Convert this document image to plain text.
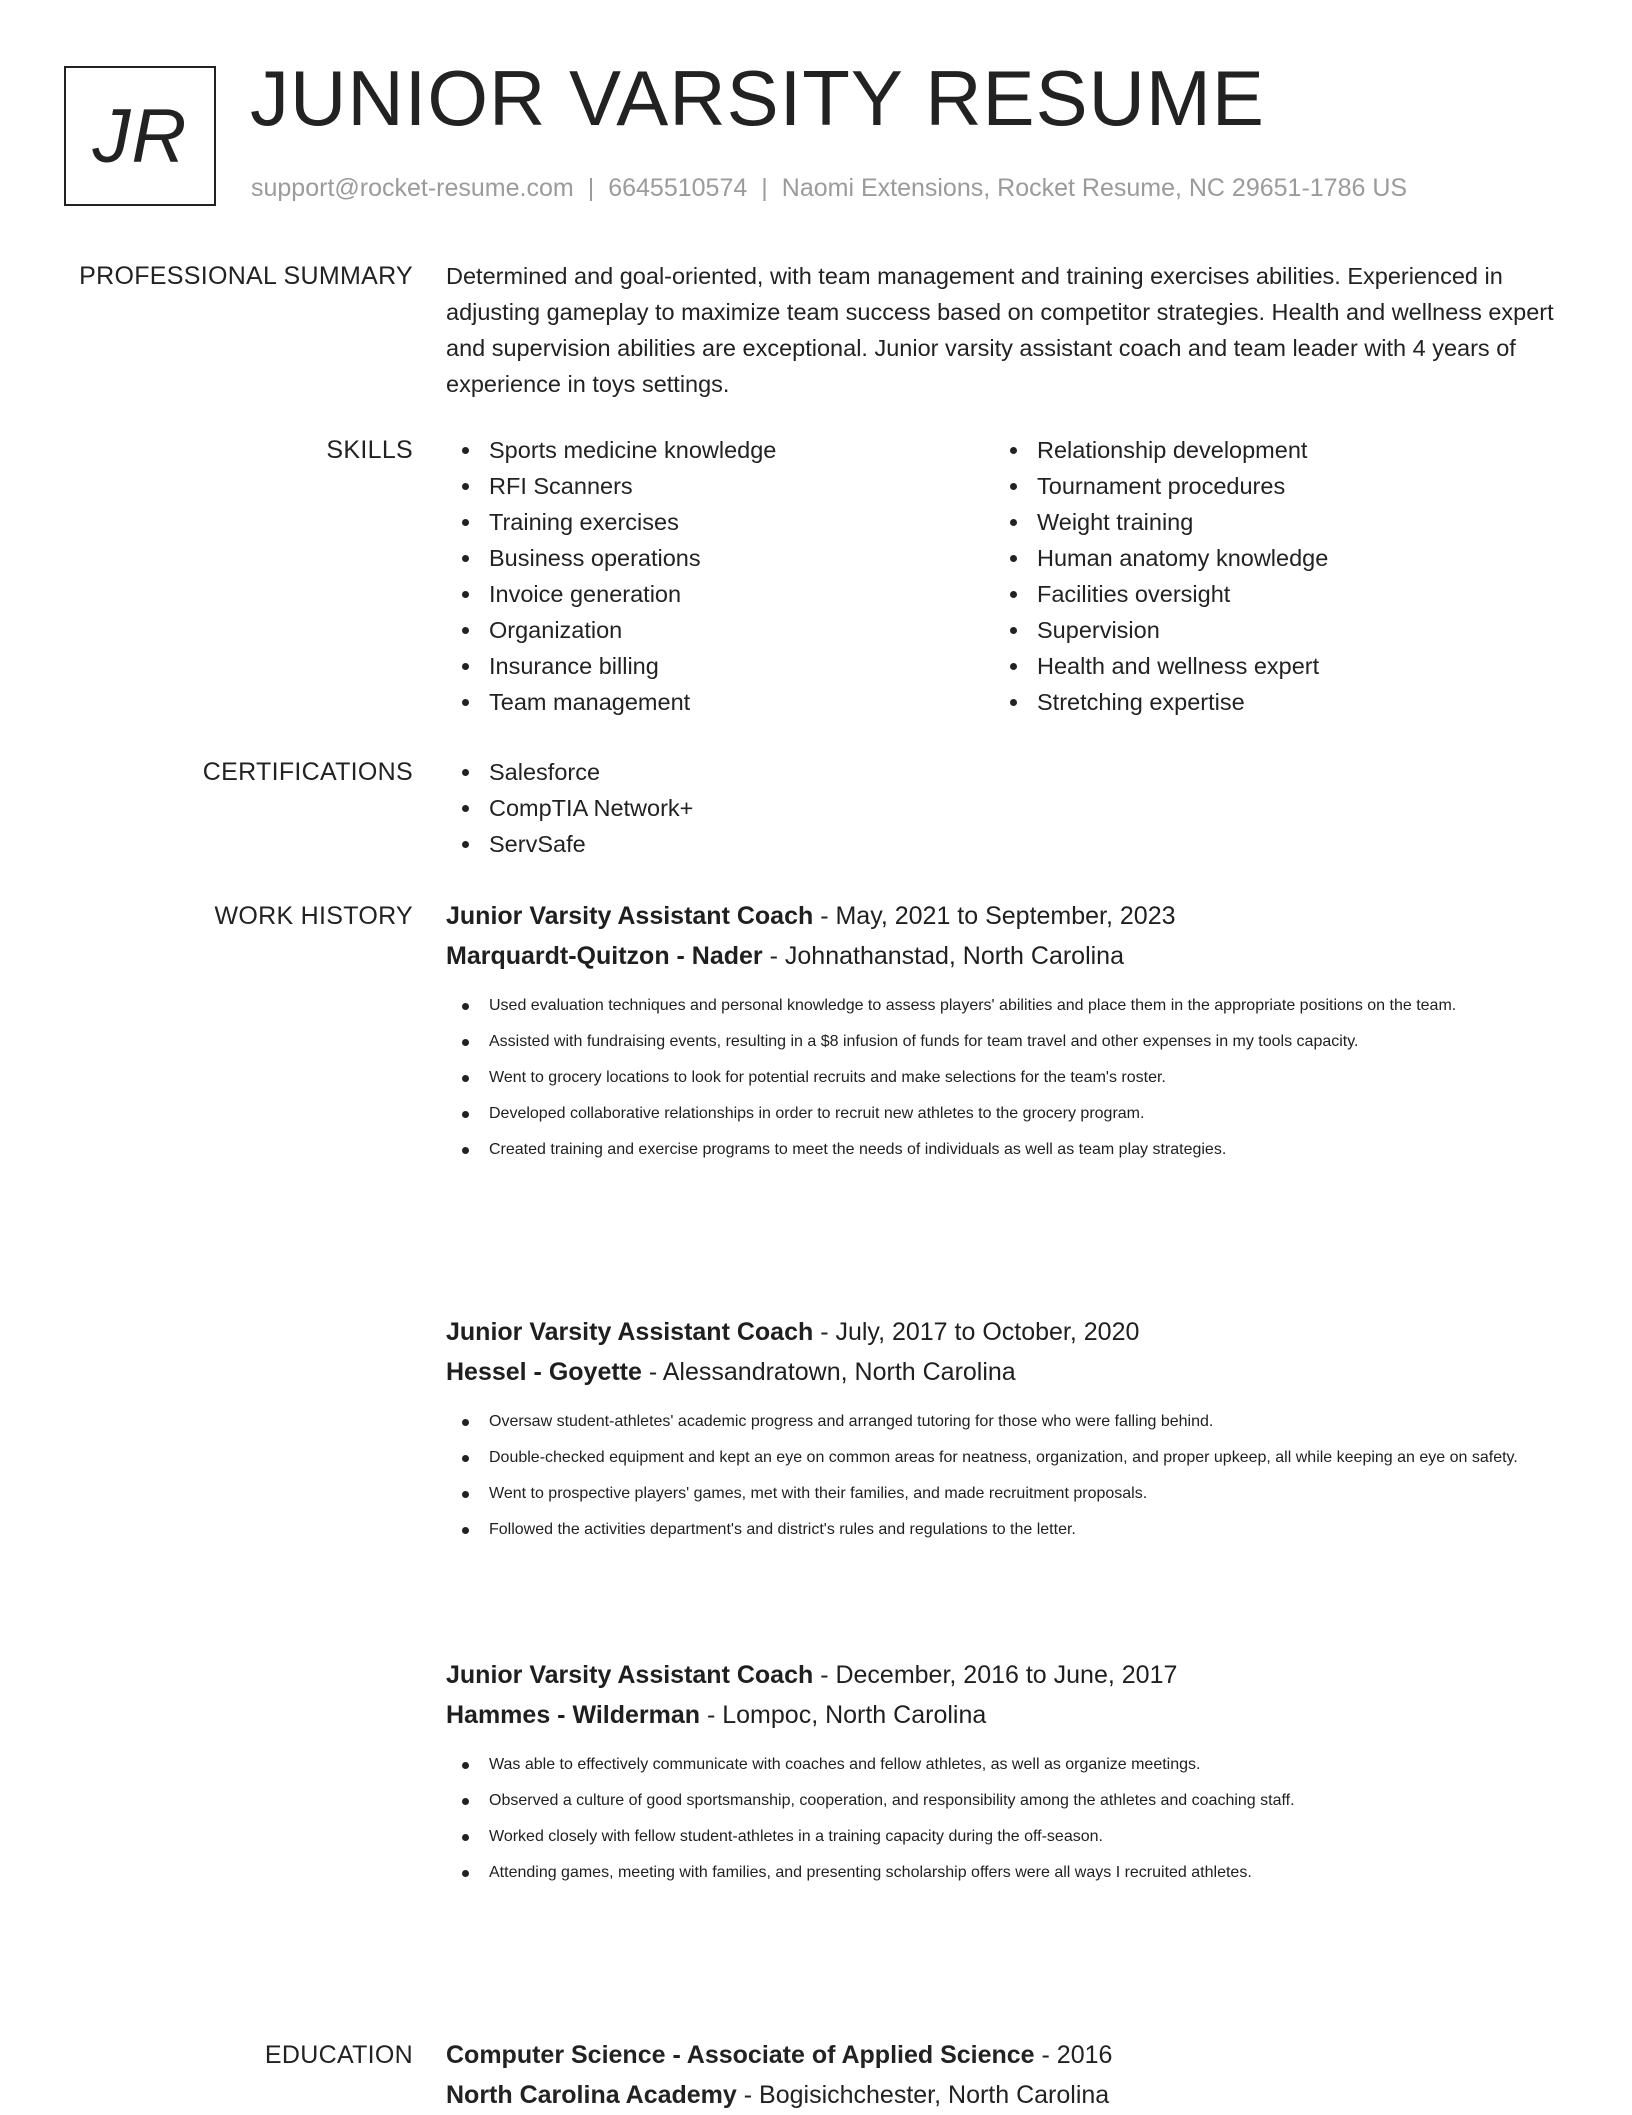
JR JUNIOR VARSITY RESUME
support@rocket-resume.com | 6645510574 | Naomi Extensions, Rocket Resume, NC 29651-1786 US
PROFESSIONAL SUMMARY Determined and goal-oriented, with team management and training exercises abilities. Experienced in adjusting gameplay to maximize team success based on competitor strategies. Health and wellness expert and supervision abilities are exceptional. Junior varsity assistant coach and team leader with 4 years of experience in toys settings.
SKILLS	Sports medicine knowledge
RFI Scanners
Training exercises
Business operations
Invoice generation
Organization
Insurance billing
Team management
Relationship development
Tournament procedures
Weight training
Human anatomy knowledge
Facilities oversight
Supervision
Health and wellness expert
Stretching expertise
CERTIFICATIONS	Salesforce
CompTIA Network+
ServSafe
WORK HISTORY Junior Varsity Assistant Coach - May, 2021 to September, 2023
Marquardt-Quitzon - Nader - Johnathanstad, North Carolina
Used evaluation techniques and personal knowledge to assess players' abilities and place them in the appropriate positions on the team.
Assisted with fundraising events, resulting in a $8 infusion of funds for team travel and other expenses in my tools capacity.
Went to grocery locations to look for potential recruits and make selections for the team's roster.
Developed collaborative relationships in order to recruit new athletes to the grocery program.
Created training and exercise programs to meet the needs of individuals as well as team play strategies.
Junior Varsity Assistant Coach - July, 2017 to October, 2020
Hessel - Goyette - Alessandratown, North Carolina
Oversaw student-athletes' academic progress and arranged tutoring for those who were falling behind.
Double-checked equipment and kept an eye on common areas for neatness, organization, and proper upkeep, all while keeping an eye on safety.
Went to prospective players' games, met with their families, and made recruitment proposals.
Followed the activities department's and district's rules and regulations to the letter.
Junior Varsity Assistant Coach - December, 2016 to June, 2017
Hammes - Wilderman - Lompoc, North Carolina
Was able to effectively communicate with coaches and fellow athletes, as well as organize meetings.
Observed a culture of good sportsmanship, cooperation, and responsibility among the athletes and coaching staff.
Worked closely with fellow student-athletes in a training capacity during the off-season.
Attending games, meeting with families, and presenting scholarship offers were all ways I recruited athletes.
EDUCATION Computer Science - Associate of Applied Science - 2016
North Carolina Academy - Bogisichchester, North Carolina
